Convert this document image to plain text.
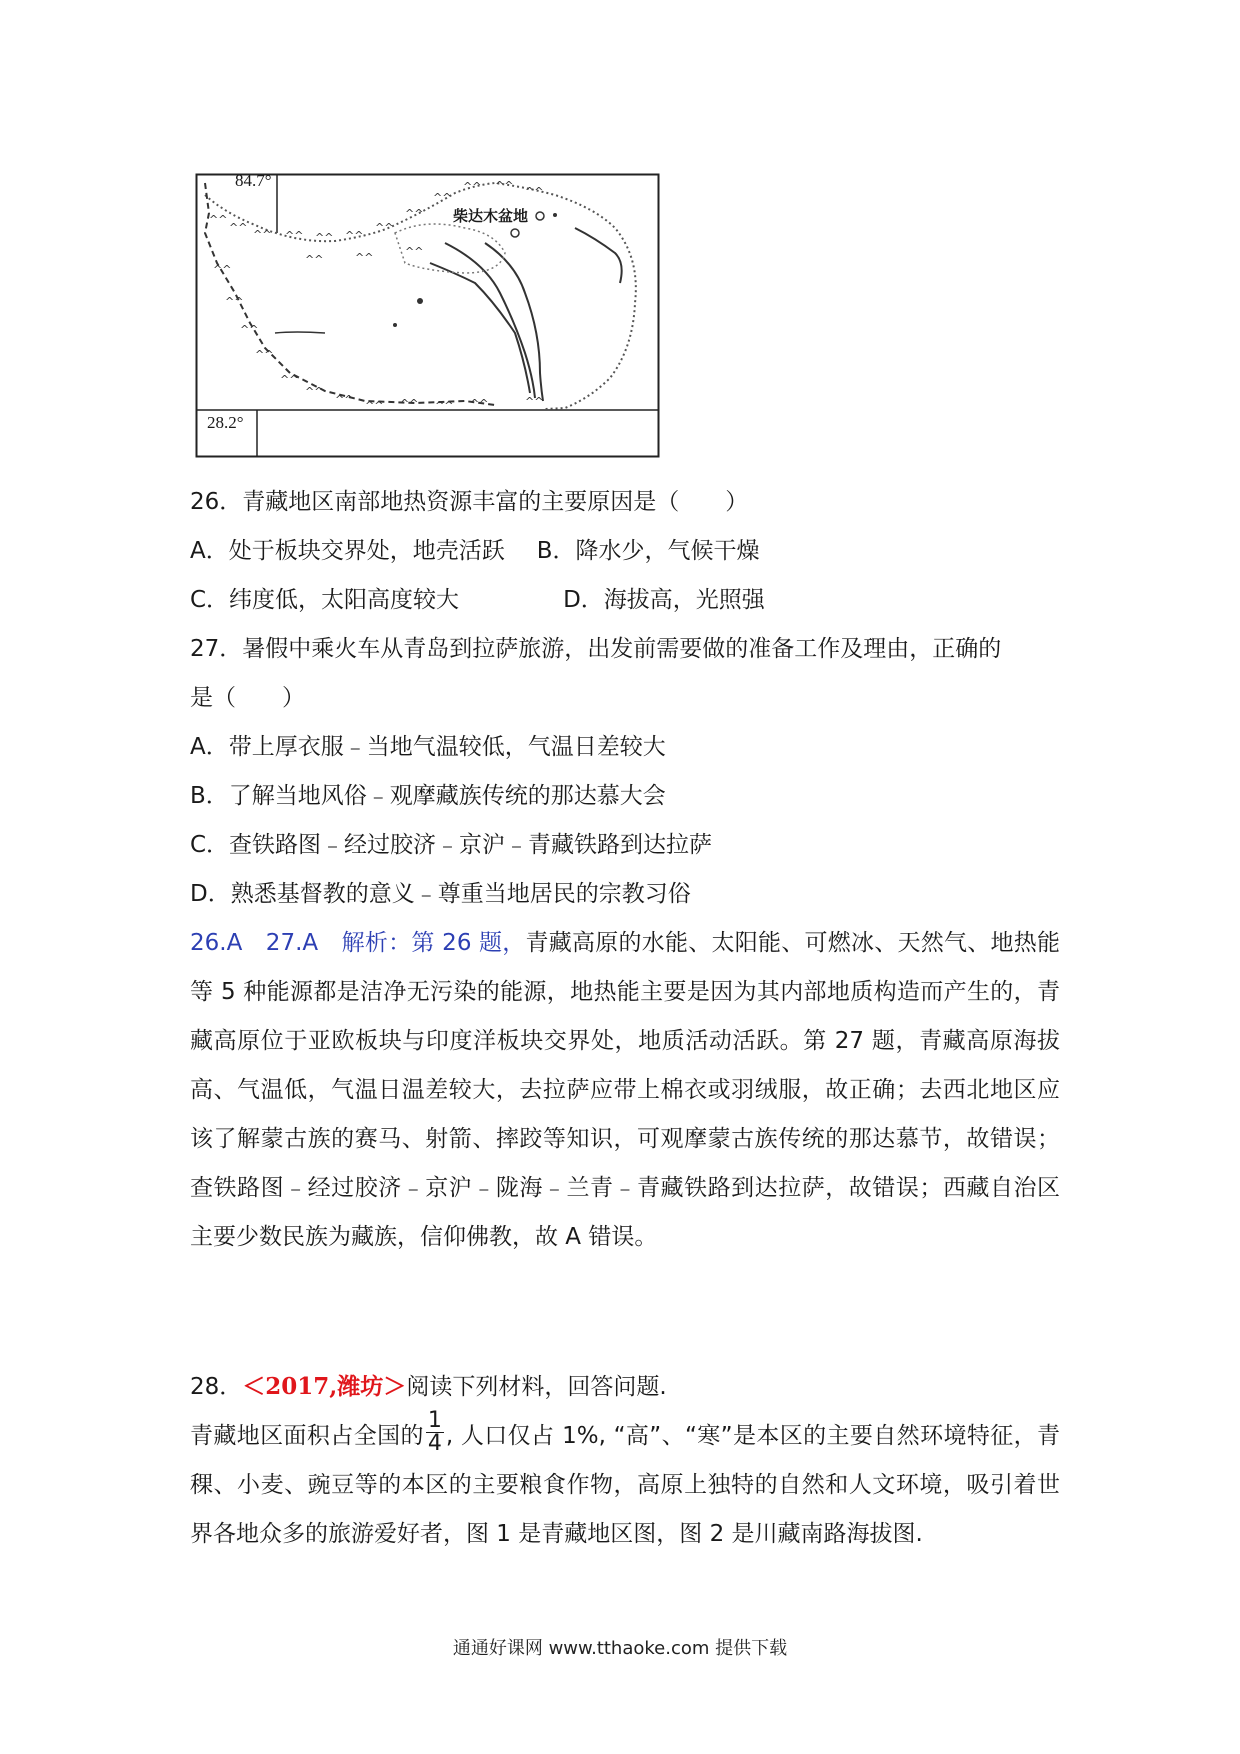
^^
^^
^^ ^^ ^^ ^^
^^
^^
^^
^^ ^^ ^^
^^
^^
^^
^^
^^
^^
^^ ^^ ^^ ^^ ^^	^^
^^	^^	^^
84.7°
28.2°
柴达木盆地
26．青藏地区南部地热资源丰富的主要原因是（　　）
A．处于板块交界处，地壳活跃 B．降水少，气候干燥
C．纬度低，太阳高度较大	D．海拔高，光照强
27．暑假中乘火车从青岛到拉萨旅游，出发前需要做的准备工作及理由，正确的
是（　　）
A．带上厚衣服﹣当地气温较低，气温日差较大
B．了解当地风俗﹣观摩藏族传统的那达慕大会
C．查铁路图﹣经过胶济﹣京沪﹣青藏铁路到达拉萨
D．熟悉基督教的意义﹣尊重当地居民的宗教习俗

26.A　27.A　解析：第 26 题，青藏高原的水能、太阳能、可燃冰、天然气、地热能等 5 种能源都是洁净无污染的能源，地热能主要是因为其内部地质构造而产生的，青藏高原位于亚欧板块与印度洋板块交界处，地质活动活跃。第 27 题，青藏高原海拔高、气温低，气温日温差较大，去拉萨应带上棉衣或羽绒服，故正确；去西北地区应该了解蒙古族的赛马、射箭、摔跤等知识，可观摩蒙古族传统的那达慕节，故错误；查铁路图﹣经过胶济﹣京沪﹣陇海﹣兰青﹣青藏铁路到达拉萨，故错误；西藏自治区主要少数民族为藏族，信仰佛教，故 A 错误。

28．＜2017,潍坊＞阅读下列材料，回答问题.

青藏地区面积占全国的 $\frac{1}{4}$ , 人口仅占 1%, “高”、“寒”是本区的主要自然环境特征，青稞、小麦、豌豆等的本区的主要粮食作物，高原上独特的自然和人文环境，吸引着世界各地众多的旅游爱好者，图 1 是青藏地区图，图 2 是川藏南路海拔图.

通通好课网 www.tthaoke.com 提供下载
